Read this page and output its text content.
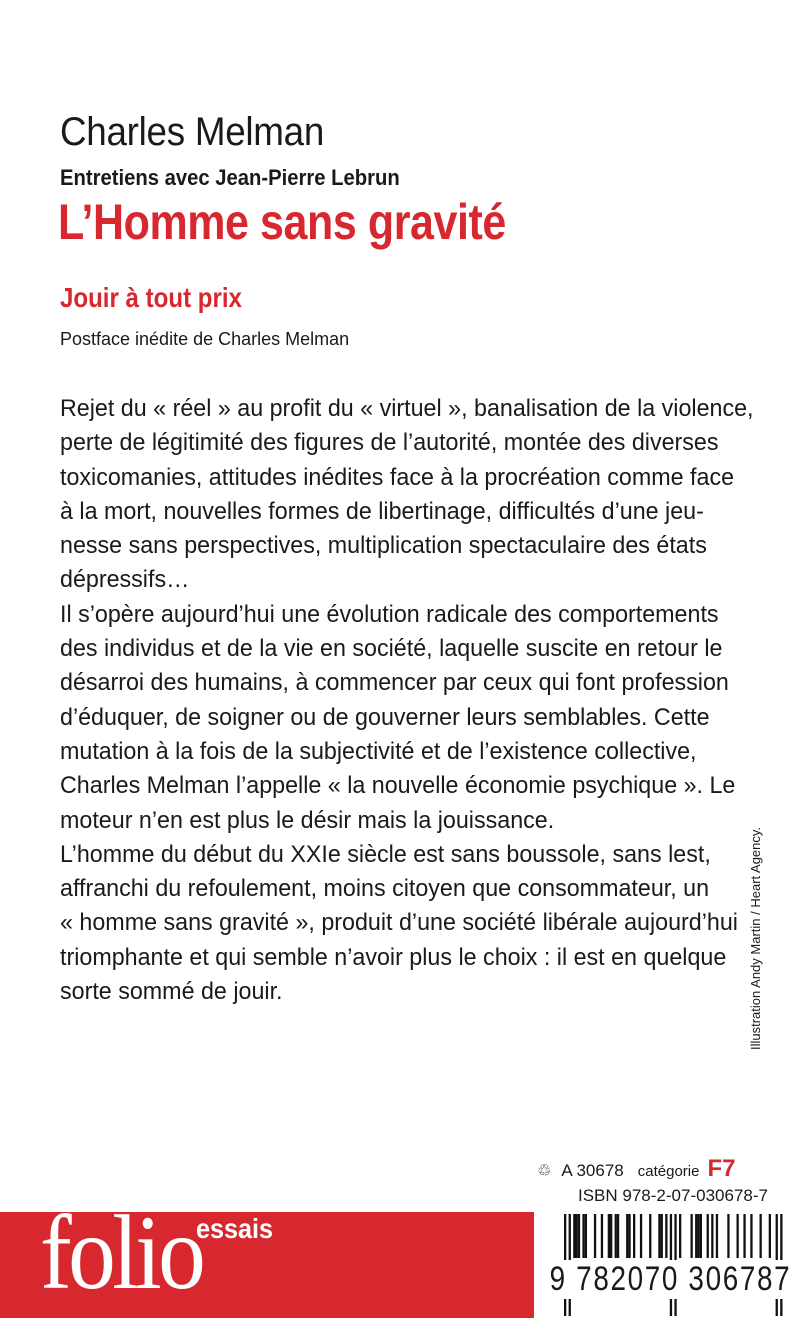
Charles Melman
Entretiens avec Jean-Pierre Lebrun
L’Homme sans gravité
Jouir à tout prix
Postface inédite de Charles Melman

Rejet du « réel » au profit du « virtuel », banalisation de la violence,

perte de légitimité des figures de l’autorité, montée des diverses

toxicomanies, attitudes inédites face à la procréation comme face

à la mort, nouvelles formes de libertinage, difficultés d’une jeu-

nesse sans perspectives, multiplication spectaculaire des états

dépressifs…

Il s’opère aujourd’hui une évolution radicale des comportements

des individus et de la vie en société, laquelle suscite en retour le

désarroi des humains, à commencer par ceux qui font profession

d’éduquer, de soigner ou de gouverner leurs semblables. Cette

mutation à la fois de la subjectivité et de l’existence collective,

Charles Melman l’appelle « la nouvelle économie psychique ». Le

moteur n’en est plus le désir mais la jouissance.

L’homme du début du XXIe siècle est sans boussole, sans lest,

affranchi du refoulement, moins citoyen que consommateur, un

« homme sans gravité », produit d’une société libérale aujourd’hui

triomphante et qui semble n’avoir plus le choix : il est en quelque

sorte sommé de jouir.	Illustration Andy Martin / Heart Agency.
♲ A 30678 catégorie F7
ISBN 978-2-07-030678-7
folio
essais
9 782070 306787
